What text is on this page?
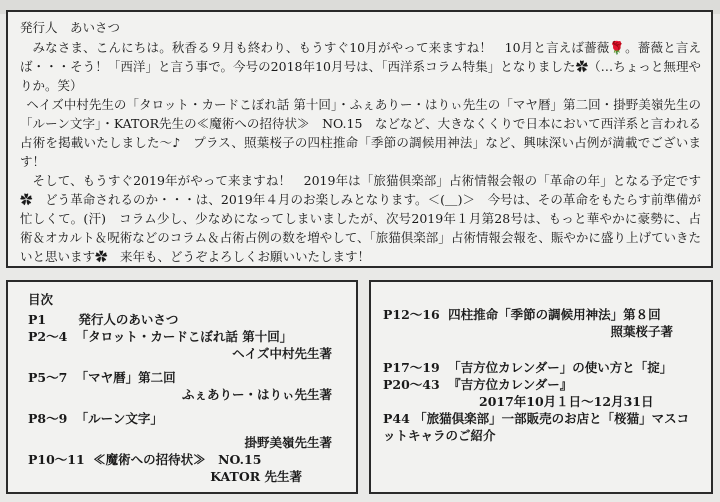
発行人　あいさつ

みなさま、こんにちは。秋香る９月も終わり、もうすぐ10月がやって来ますね！　10月と言えば薔薇🌹。薔薇と言えば・・・そう！「西洋」と言う事で。今号の2018年10月号は、「西洋系コラム特集」となりました✿（…ちょっと無理やりか。笑）

ヘイズ中村先生の「タロット・カードこぼれ話 第十回」・ふぇありー・はりぃ先生の「マヤ暦」第二回・掛野美嶺先生の「ルーン文字」・KATOR先生の≪魔術への招待状≫　NO.15　などなど、大きなくくりで日本において西洋系と言われる占術を掲載いたしました～♪　プラス、照葉桜子の四柱推命「季節の調候用神法」など、興味深い占例が満載でございます！

そして、もうすぐ2019年がやって来ますね！　2019年は「旅猫倶楽部」占術情報会報の「革命の年」となる予定です✿　どう革命されるのか・・・は、2019年４月のお楽しみとなります。＜(＿)＞　今号は、その革命をもたらす前準備が忙しくて。(汗)　コラム少し、少なめになってしまいましたが、次号2019年１月第28号は、もっと華やかに豪勢に、占術＆オカルト＆呪術などのコラム＆占術占例の数を増やして、「旅猫倶楽部」占術情報会報を、賑やかに盛り上げていきたいと思います✿　来年も、どうぞよろしくお願いいたします！

目次
P1	発行人のあいさつ
P2～4 「タロット・カードこぼれ話 第十回」
ヘイズ中村先生著
P5～7 「マヤ暦」第二回
ふぇありー・はりぃ先生著
P8～9 「ルーン文字」
掛野美嶺先生著
P10～11 ≪魔術への招待状≫　NO.15
KATOR 先生著
P12～16 四柱推命「季節の調候用神法」第８回
照葉桜子著
P17～19 「吉方位カレンダー」の使い方と「掟」
P20～43 『吉方位カレンダー』
2017年10月１日～12月31日
P44 「旅猫倶楽部」一部販売のお店と「桜猫」マスコットキャラのご紹介
